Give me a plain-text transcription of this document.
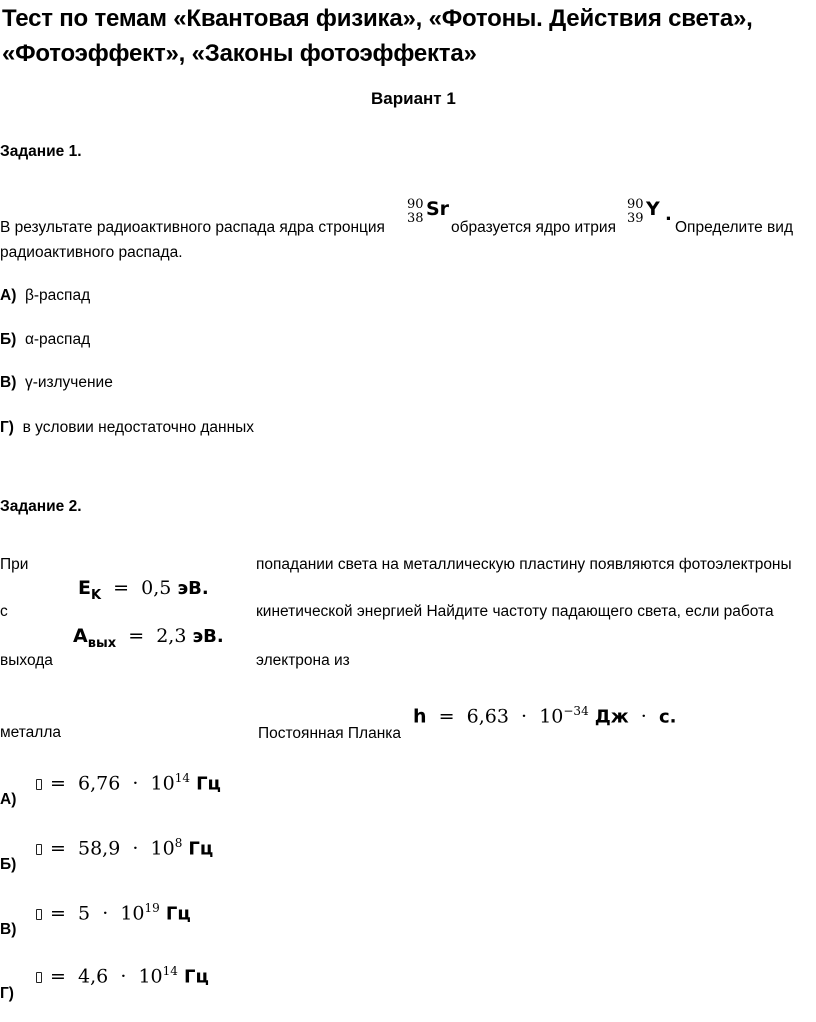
Тест по темам «Квантовая физика», «Фотоны. Действия света»,
«Фотоэффект», «Законы фотоэффекта»
Вариант 1
Задание 1.
В результате радиоактивного распада ядра стронция
90
38 Sr
образуется ядро итрия
90
39 Y .
Определите вид
радиоактивного распада.
А) β-распад
Б) α-распад
В) γ-излучение
Г) в условии недостаточно данных
Задание 2.
При
с
выхода
металла
попадании света на металлическую пластину появляются фотоэлектроны
кинетической энергией Найдите частоту падающего света, если работа
электрона из
Постоянная Планка
$E_K = 0,5$ эВ.
$A_{вых} = 2,3$ эВ.
$h = 6,63 \cdot 10^{-34}$ Дж · с.
А)
=  $6,76 \cdot 10^{14}$ Гц
Б)
=  $58,9 \cdot 10^8$ Гц
В)
=  $5 \cdot 10^{19}$ Гц
Г)
=  $4,6 \cdot 10^{14}$ Гц
